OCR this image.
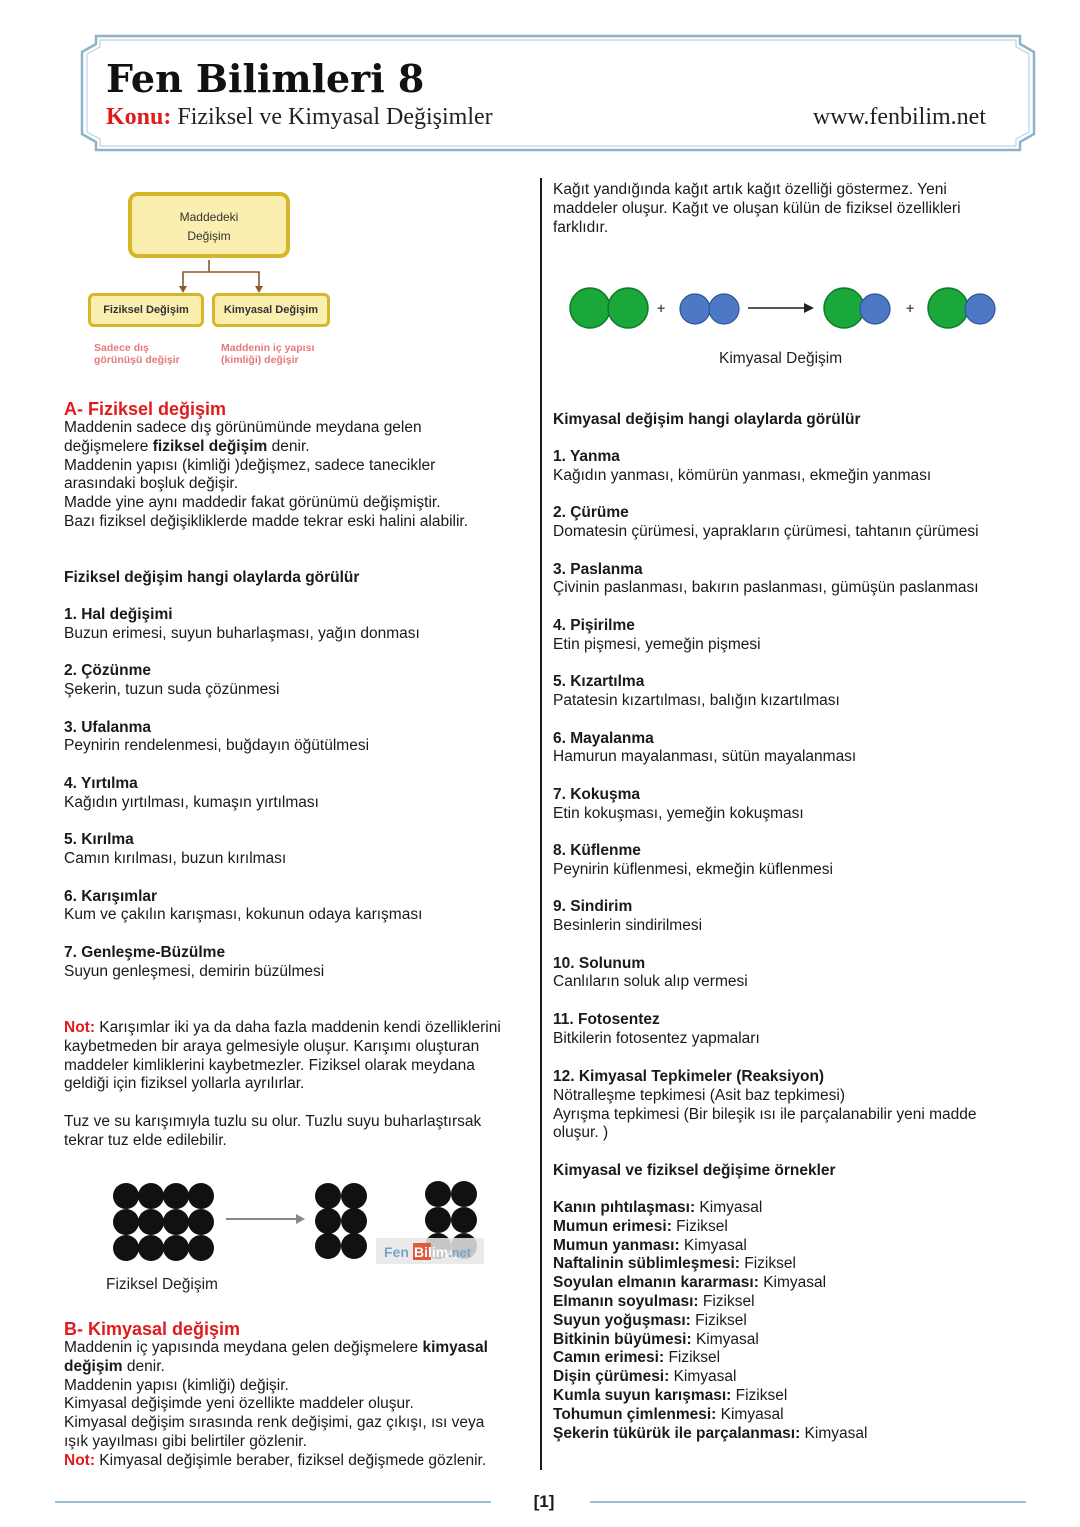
Fen Bilimleri 8
Konu: Fiziksel ve Kimyasal Değişimler	www.fenbilim.net
Maddedeki
Değişim
Fiziksel Değişim	Kimyasal Değişim
Sadece dış
görünüşü değişir
Maddenin iç yapısı
(kimliği) değişir
A- Fiziksel değişim
Maddenin sadece dış görünümünde meydana gelen
değişmelere fiziksel değişim denir.
Maddenin yapısı (kimliği )değişmez, sadece tanecikler
arasındaki boşluk değişir.
Madde yine aynı maddedir fakat görünümü değişmiştir.
Bazı fiziksel değişikliklerde madde tekrar eski halini alabilir.
Fiziksel değişim hangi olaylarda görülür
1. Hal değişimi
Buzun erimesi, suyun buharlaşması, yağın donması
2. Çözünme
Şekerin, tuzun suda çözünmesi
3. Ufalanma
Peynirin rendelenmesi, buğdayın öğütülmesi
4. Yırtılma
Kağıdın yırtılması, kumaşın yırtılması
5. Kırılma
Camın kırılması, buzun kırılması
6. Karışımlar
Kum ve çakılın karışması, kokunun odaya karışması
7. Genleşme-Büzülme
Suyun genleşmesi, demirin büzülmesi
Not: Karışımlar iki ya da daha fazla maddenin kendi özelliklerini
kaybetmeden bir araya gelmesiyle oluşur. Karışımı oluşturan
maddeler kimliklerini kaybetmezler. Fiziksel olarak meydana
geldiği için fiziksel yollarla ayrılırlar.
Tuz ve su karışımıyla tuzlu su olur. Tuzlu suyu buharlaştırsak
tekrar tuz elde edilebilir.
Fen Bilim .net
Fiziksel Değişim
B- Kimyasal değişim
Maddenin iç yapısında meydana gelen değişmelere kimyasal
değişim denir.
Maddenin yapısı (kimliği) değişir.
Kimyasal değişimde yeni özellikte maddeler oluşur.
Kimyasal değişim sırasında renk değişimi, gaz çıkışı, ısı veya
ışık yayılması gibi belirtiler gözlenir.
Not: Kimyasal değişimle beraber, fiziksel değişmede gözlenir.
Kağıt yandığında kağıt artık kağıt özelliği göstermez. Yeni
maddeler oluşur. Kağıt ve oluşan külün de fiziksel özellikleri
farklıdır.
+	+
Kimyasal Değişim
Kimyasal değişim hangi olaylarda görülür
1. Yanma
Kağıdın yanması, kömürün yanması, ekmeğin yanması
2. Çürüme
Domatesin çürümesi, yaprakların çürümesi, tahtanın çürümesi
3. Paslanma
Çivinin paslanması, bakırın paslanması, gümüşün paslanması
4. Pişirilme
Etin pişmesi, yemeğin pişmesi
5. Kızartılma
Patatesin kızartılması, balığın kızartılması
6. Mayalanma
Hamurun mayalanması, sütün mayalanması
7. Kokuşma
Etin kokuşması, yemeğin kokuşması
8. Küflenme
Peynirin küflenmesi, ekmeğin küflenmesi
9. Sindirim
Besinlerin sindirilmesi
10. Solunum
Canlıların soluk alıp vermesi
11. Fotosentez
Bitkilerin fotosentez yapmaları
12. Kimyasal Tepkimeler (Reaksiyon)
Nötralleşme tepkimesi (Asit baz tepkimesi)
Ayrışma tepkimesi (Bir bileşik ısı ile parçalanabilir yeni madde
oluşur. )
Kimyasal ve fiziksel değişime örnekler
Kanın pıhtılaşması: Kimyasal
Mumun erimesi: Fiziksel
Mumun yanması: Kimyasal
Naftalinin süblimleşmesi: Fiziksel
Soyulan elmanın kararması: Kimyasal
Elmanın soyulması: Fiziksel
Suyun yoğuşması: Fiziksel
Bitkinin büyümesi: Kimyasal
Camın erimesi: Fiziksel
Dişin çürümesi: Kimyasal
Kumla suyun karışması: Fiziksel
Tohumun çimlenmesi: Kimyasal
Şekerin tükürük ile parçalanması: Kimyasal
[1]
